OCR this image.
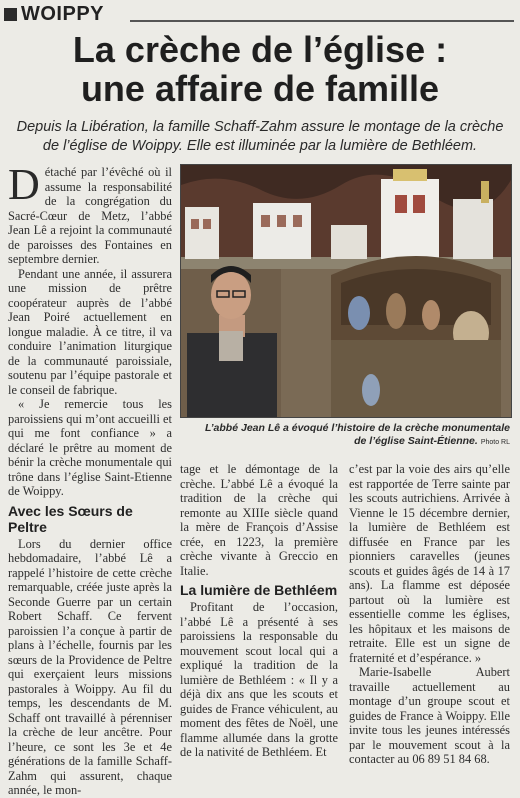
WOIPPY
La crèche de l’église :
une affaire de famille

Depuis la Libération, la famille Schaff-Zahm assure le montage de la crèche de l’église de Woippy. Elle est illuminée par la lumière de Bethléem.

Détaché par l’évêché où il assume la responsabilité de la congrégation du Sacré-Cœur de Metz, l’abbé Jean Lê a rejoint la communauté de paroisses des Fontaines en septembre dernier.

Pendant une année, il assurera une mission de prêtre coopérateur auprès de l’abbé Jean Poiré actuellement en longue maladie. À ce titre, il va conduire l’animation liturgique de la communauté paroissiale, soutenu par l’équipe pastorale et le conseil de fabrique.

« Je remercie tous les paroissiens qui m’ont accueilli et qui me font confiance » a déclaré le prêtre au moment de bénir la crèche monumentale qui trône dans l’église Saint-Etienne de Woippy.

Avec les Sœurs de Peltre

Lors du dernier office hebdomadaire, l’abbé Lê a rappelé l’histoire de cette crèche remarquable, créée juste après la Seconde Guerre par un certain Robert Schaff. Ce fervent paroissien l’a conçue à partir de plans à l’échelle, fournis par les sœurs de la Providence de Peltre qui exerçaient leurs missions pastorales à Woippy. Au fil du temps, les descendants de M. Schaff ont travaillé à pérenniser la crèche de leur ancêtre. Pour l’heure, ce sont les 3e et 4e générations de la famille Schaff-Zahm qui assurent, chaque année, le mon-

L’abbé Jean Lê a évoqué l’histoire de la crèche monumentale
de l’église Saint-Étienne. Photo RL

tage et le démontage de la crèche. L’abbé Lê a évoqué la tradition de la crèche qui remonte au XIIIe siècle quand la mère de François d’Assise crée, en 1223, la première crèche vivante à Greccio en Italie.

La lumière de Bethléem

Profitant de l’occasion, l’abbé Lê a présenté à ses paroissiens la responsable du mouvement scout local qui a expliqué la tradition de la lumière de Bethléem : « Il y a déjà dix ans que les scouts et guides de France véhiculent, au moment des fêtes de Noël, une flamme allumée dans la grotte de la nativité de Bethléem. Et

c’est par la voie des airs qu’elle est rapportée de Terre sainte par les scouts autrichiens. Arrivée à Vienne le 15 décembre dernier, la lumière de Bethléem est diffusée en France par les pionniers caravelles (jeunes scouts et guides âgés de 14 à 17 ans). La flamme est déposée partout où la lumière est essentielle comme les églises, les hôpitaux et les maisons de retraite. Elle est un signe de fraternité et d’espérance. »

Marie-Isabelle Aubert travaille actuellement au montage d’un groupe scout et guides de France à Woippy. Elle invite tous les jeunes intéressés par le mouvement scout à la contacter au 06 89 51 84 68.
